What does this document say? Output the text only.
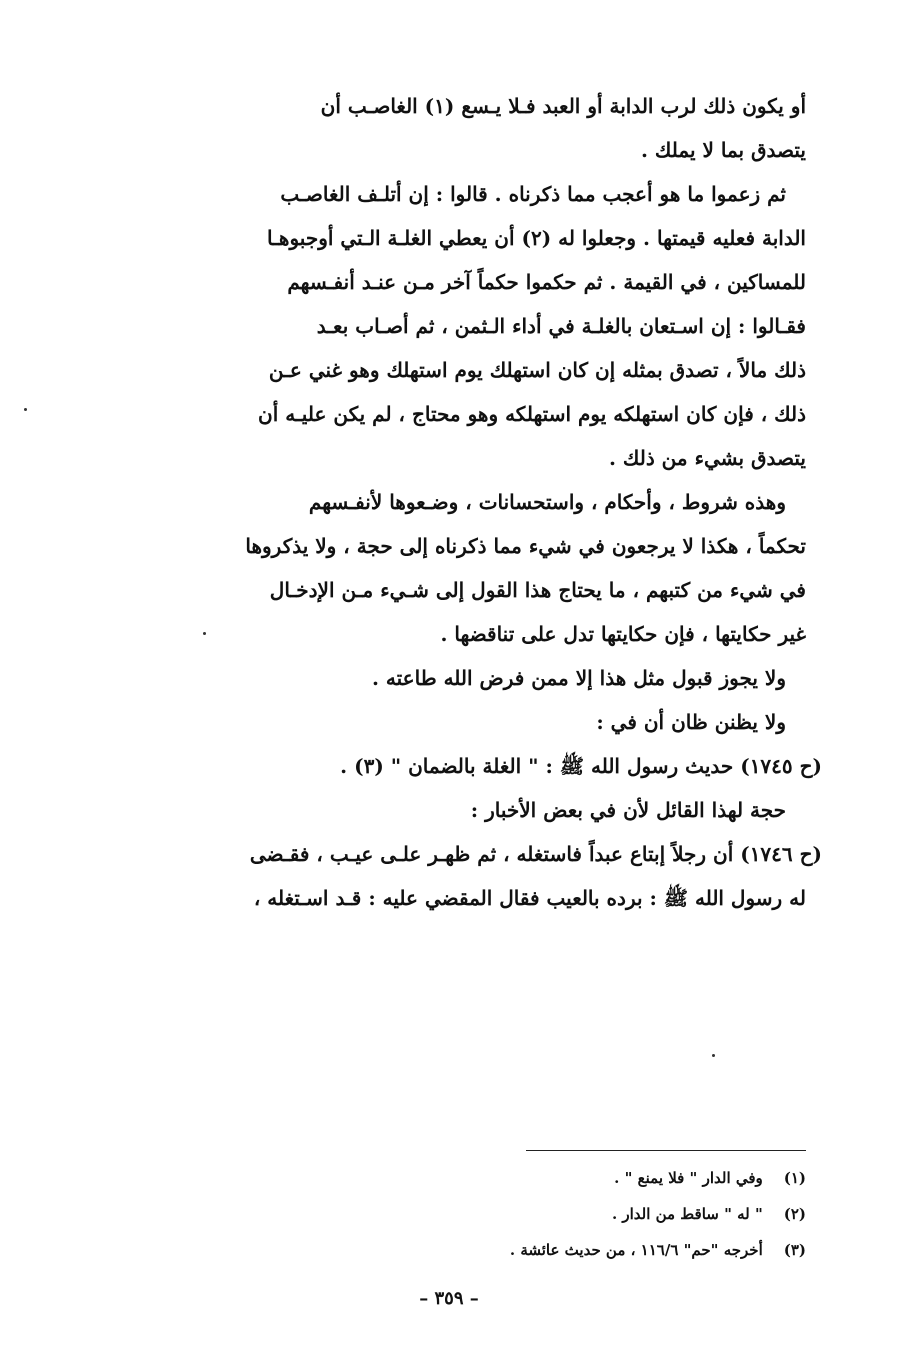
أو يكون ذلك لرب الدابة أو العبد فـلا يـسع (١) الغاصـب أن
يتصدق بما لا يملك .
ثم زعموا ما هو أعجب مما ذكرناه . قالوا : إن أتلـف الغاصـب
الدابة فعليه قيمتها . وجعلوا له (٢) أن يعطي الغلـة الـتي أوجبوهـا
للمساكين ، في القيمة . ثم حكموا حكماً آخر مـن عنـد أنفـسهم
فقـالوا : إن اسـتعان بالغلـة في أداء الـثمن ، ثم أصـاب بعـد
ذلك مالاً ، تصدق بمثله إن كان استهلك يوم استهلك وهو غني عـن
ذلك ، فإن كان استهلكه يوم استهلكه وهو محتاج ، لم يكن عليـه أن
يتصدق بشيء من ذلك .
وهذه شروط ، وأحكام ، واستحسانات ، وضـعوها لأنفـسهم
تحكماً ، هكذا لا يرجعون في شيء مما ذكرناه إلى حجة ، ولا يذكروها
في شيء من كتبهم ، ما يحتاج هذا القول إلى شـيء مـن الإدخـال
غير حكايتها ، فإن حكايتها تدل على تناقضها .
ولا يجوز قبول مثل هذا إلا ممن فرض الله طاعته .
ولا يظنن ظان أن في :
(ح ١٧٤٥) حديث رسول الله ﷺ : " الغلة بالضمان " (٣) .
حجة لهذا القائل لأن في بعض الأخبار :
(ح ١٧٤٦) أن رجلاً إبتاع عبداً فاستغله ، ثم ظهـر علـى عيـب ، فقـضى
له رسول الله ﷺ : برده بالعيب فقال المقضي عليه : قـد اسـتغله ،
(١) وفي الدار " فلا يمنع " .
(٢) " له " ساقط من الدار .
(٣) أخرجه "حم" ١١٦/٦ ، من حديث عائشة .
– ٣٥٩ –
